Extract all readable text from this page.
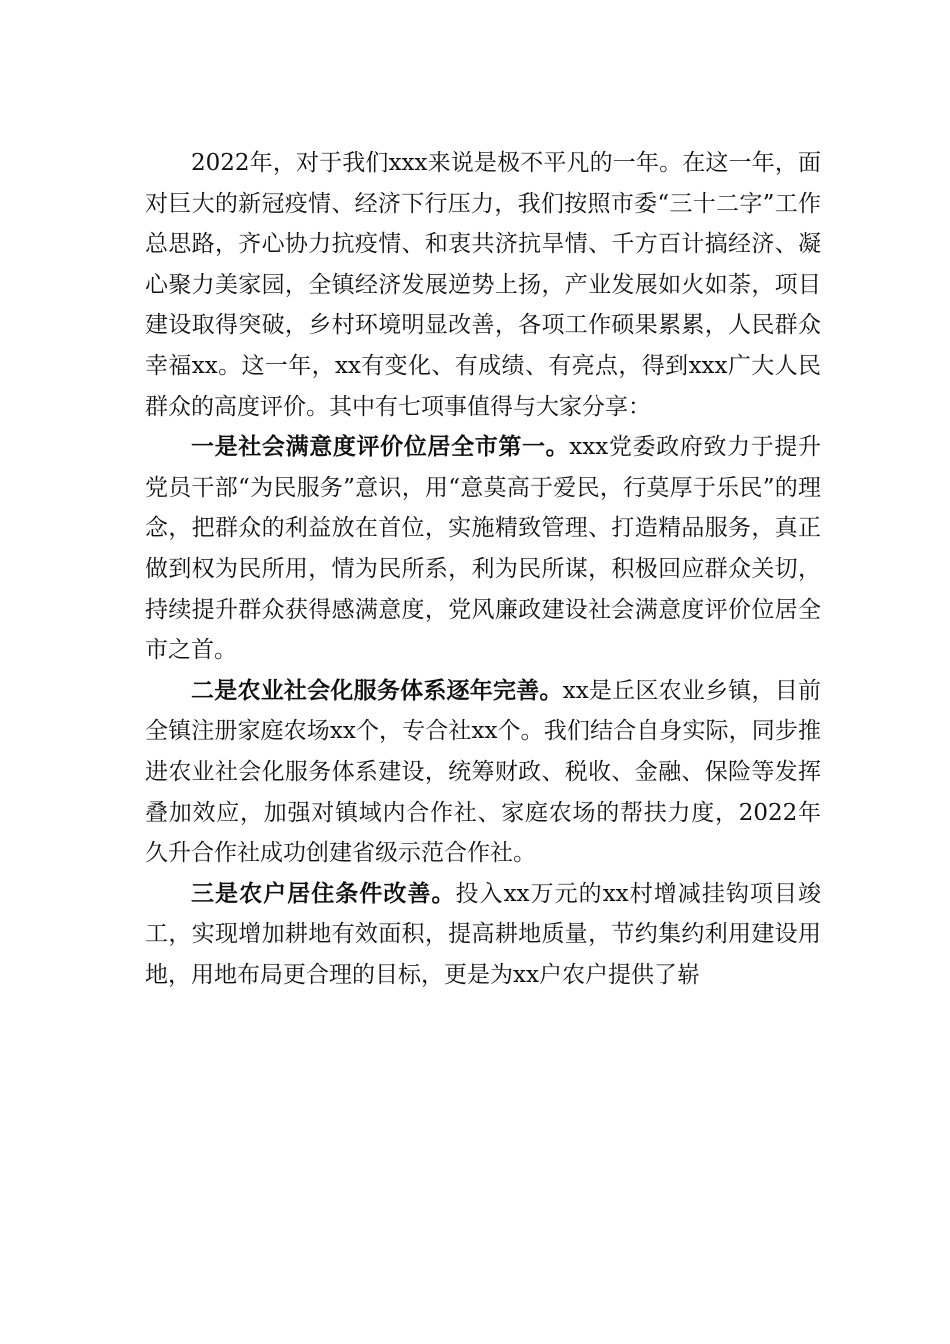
2022年，对于我们xxx来说是极不平凡的一年。在这一年，面对巨大的新冠疫情、经济下行压力，我们按照市委“三十二字”工作总思路，齐心协力抗疫情、和衷共济抗旱情、千方百计搞经济、凝心聚力美家园，全镇经济发展逆势上扬，产业发展如火如荼，项目建设取得突破，乡村环境明显改善，各项工作硕果累累，人民群众幸福xx。这一年，xx有变化、有成绩、有亮点，得到xxx广大人民群众的高度评价。其中有七项事值得与大家分享：

一是社会满意度评价位居全市第一。xxx党委政府致力于提升党员干部“为民服务”意识，用“意莫高于爱民，行莫厚于乐民”的理念，把群众的利益放在首位，实施精致管理、打造精品服务，真正做到权为民所用，情为民所系，利为民所谋，积极回应群众关切，持续提升群众获得感满意度，党风廉政建设社会满意度评价位居全市之首。

二是农业社会化服务体系逐年完善。xx是丘区农业乡镇，目前全镇注册家庭农场xx个，专合社xx个。我们结合自身实际，同步推进农业社会化服务体系建设，统筹财政、税收、金融、保险等发挥叠加效应，加强对镇域内合作社、家庭农场的帮扶力度，2022年久升合作社成功创建省级示范合作社。

三是农户居住条件改善。投入xx万元的xx村增减挂钩项目竣工，实现增加耕地有效面积，提高耕地质量，节约集约利用建设用地，用地布局更合理的目标，更是为xx户农户提供了崭
